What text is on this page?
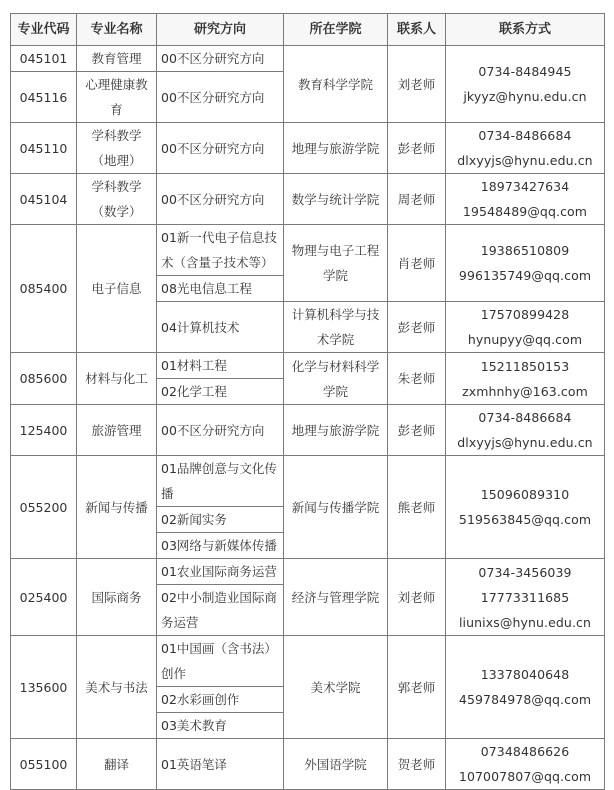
专业代码	专业名称	研究方向	所在学院	联系人	联系方式
045101	教育管理	00不区分研究方向	教育科学学院	刘老师	0734-8484945
jkyyz@hynu.edu.cn

045116	心理健康教育	00不区分研究方向			
045110	学科教学（地理）	00不区分研究方向	地理与旅游学院	彭老师	0734-8486684
dlxyyjs@hynu.edu.cn

045104	学科教学（数学）	00不区分研究方向	数学与统计学院	周老师	18973427634
19548489@qq.com

085400	电子信息	01新一代电子信息技术（含量子技术等）	物理与电子工程学院	肖老师	19386510809
996135749@qq.com

		08光电信息工程			
		04计算机技术	计算机科学与技术学院	彭老师	17570899428
hynupyy@qq.com

085600	材料与化工	01材料工程	化学与材料科学学院	朱老师	15211850153
zxmhnhy@163.com

		02化学工程			
125400	旅游管理	00不区分研究方向	地理与旅游学院	彭老师	0734-8486684
dlxyyjs@hynu.edu.cn

055200	新闻与传播	01品牌创意与文化传播	新闻与传播学院	熊老师	15096089310
519563845@qq.com

		02新闻实务			
		03网络与新媒体传播			
025400	国际商务	01农业国际商务运营	经济与管理学院	刘老师	0734-3456039
17773311685
liunixs@hynu.edu.cn

		02中小制造业国际商务运营			
135600	美术与书法	01中国画（含书法）创作	美术学院	郭老师	13378040648
459784978@qq.com

		02水彩画创作			
		03美术教育			
055100	翻译	01英语笔译	外国语学院	贺老师	07348486626
107007807@qq.com
